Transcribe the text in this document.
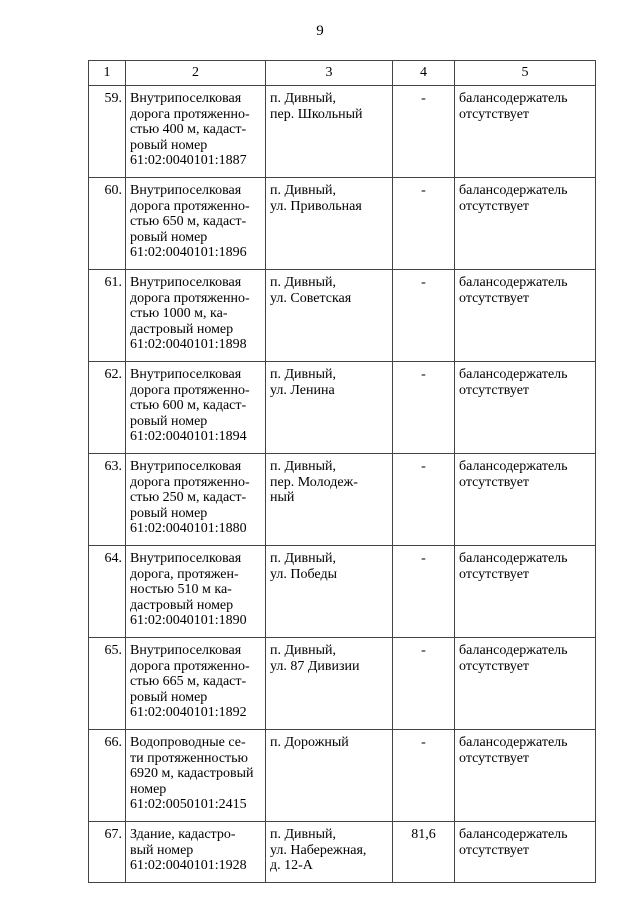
9
1	2	3	4	5
59.	Внутрипоселковая
дорога протяженно-
стью 400 м, кадаст-
ровый номер
61:02:0040101:1887	п. Дивный,
пер. Школьный	-	балансодержатель
отсутствует
60.	Внутрипоселковая
дорога протяженно-
стью 650 м, кадаст-
ровый номер
61:02:0040101:1896	п. Дивный,
ул. Привольная	-	балансодержатель
отсутствует
61.	Внутрипоселковая
дорога протяженно-
стью 1000 м, ка-
дастровый номер
61:02:0040101:1898	п. Дивный,
ул. Советская	-	балансодержатель
отсутствует
62.	Внутрипоселковая
дорога протяженно-
стью 600 м, кадаст-
ровый номер
61:02:0040101:1894	п. Дивный,
ул. Ленина	-	балансодержатель
отсутствует
63.	Внутрипоселковая
дорога протяженно-
стью 250 м, кадаст-
ровый номер
61:02:0040101:1880	п. Дивный,
пер. Молодеж-
ный	-	балансодержатель
отсутствует
64.	Внутрипоселковая
дорога, протяжен-
ностью 510 м ка-
дастровый номер
61:02:0040101:1890	п. Дивный,
ул. Победы	-	балансодержатель
отсутствует
65.	Внутрипоселковая
дорога протяженно-
стью 665 м, кадаст-
ровый номер
61:02:0040101:1892	п. Дивный,
ул. 87 Дивизии	-	балансодержатель
отсутствует
66.	Водопроводные се-
ти протяженностью
6920 м, кадастровый
номер
61:02:0050101:2415	п. Дорожный	-	балансодержатель
отсутствует
67.	Здание, кадастро-
вый номер
61:02:0040101:1928	п. Дивный,
ул. Набережная,
д. 12-А	81,6	балансодержатель
отсутствует
